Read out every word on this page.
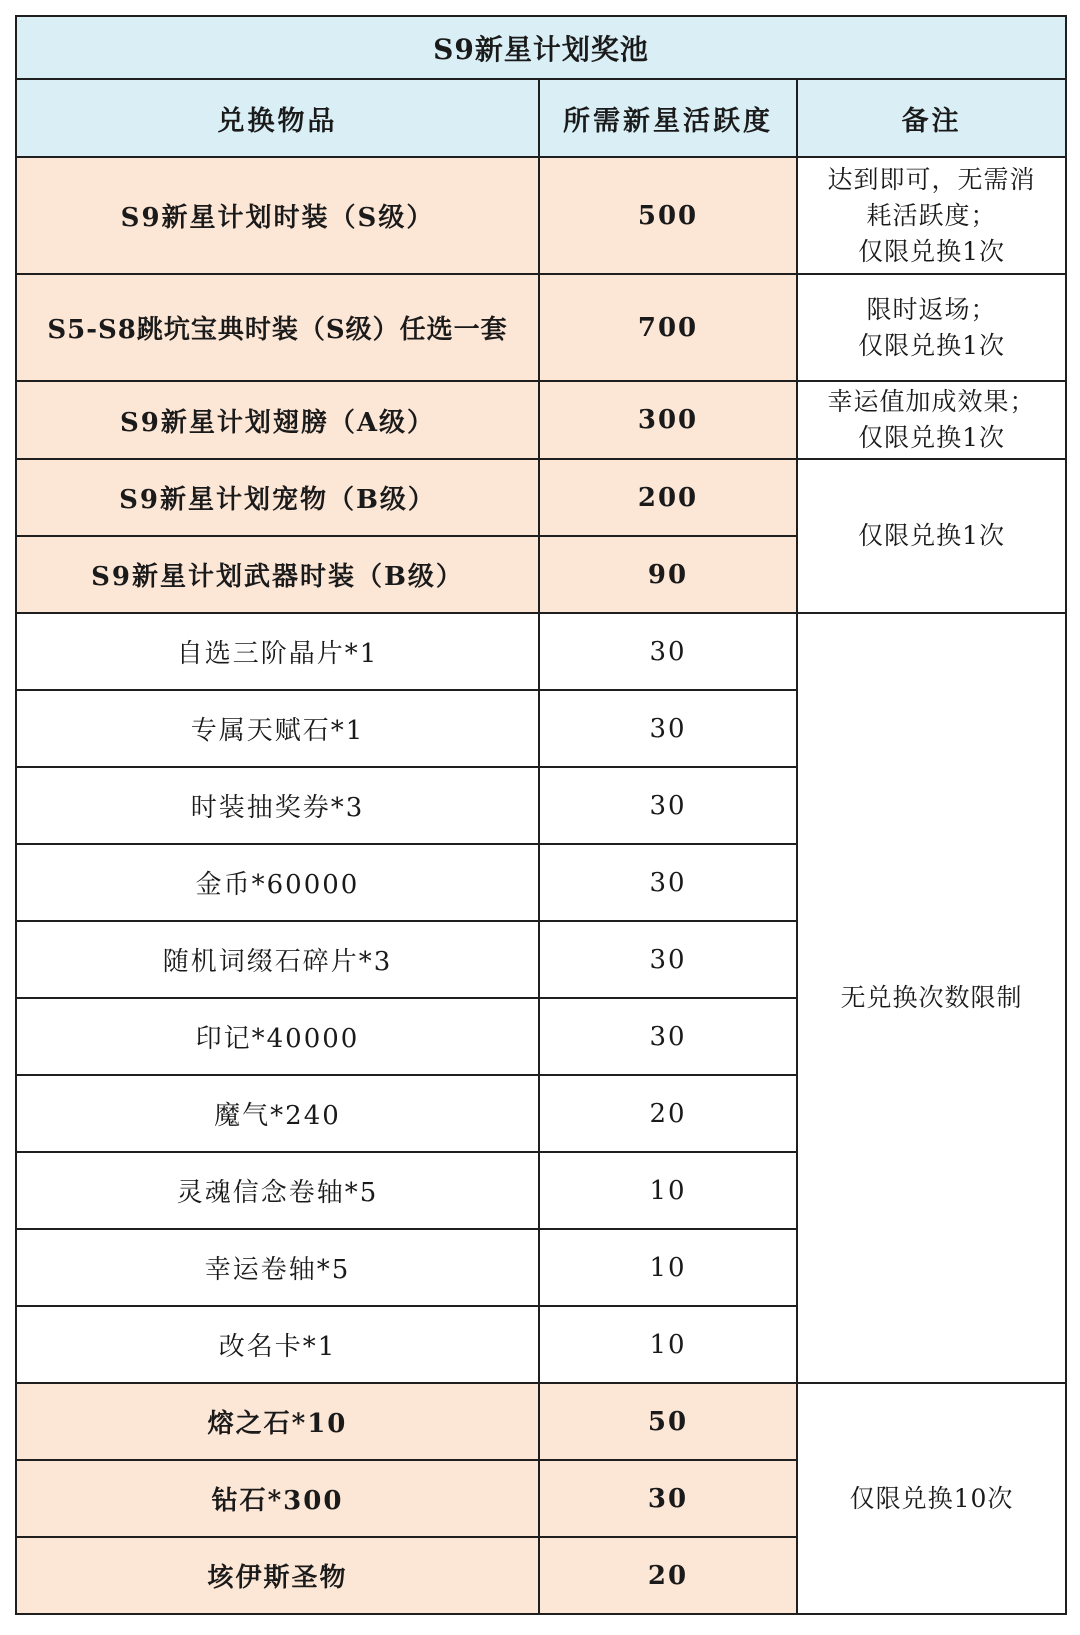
S9新星计划奖池		
兑换物品	所需新星活跃度	备注
S9新星计划时装（S级）	500	达到即可，无需消
耗活跃度；
仅限兑换1次
S5-S8跳坑宝典时装（S级）任选一套	700	限时返场；
仅限兑换1次
S9新星计划翅膀（A级）	300	幸运值加成效果；
仅限兑换1次
S9新星计划宠物（B级）	200	仅限兑换1次
S9新星计划武器时装（B级）	90	
自选三阶晶片*1	30	无兑换次数限制
专属天赋石*1	30	
时装抽奖券*3	30	
金币*60000	30	
随机词缀石碎片*3	30	
印记*40000	30	
魔气*240	20	
灵魂信念卷轴*5	10	
幸运卷轴*5	10	
改名卡*1	10	
熔之石*10	50	仅限兑换10次
钻石*300	30	
垓伊斯圣物	20	
